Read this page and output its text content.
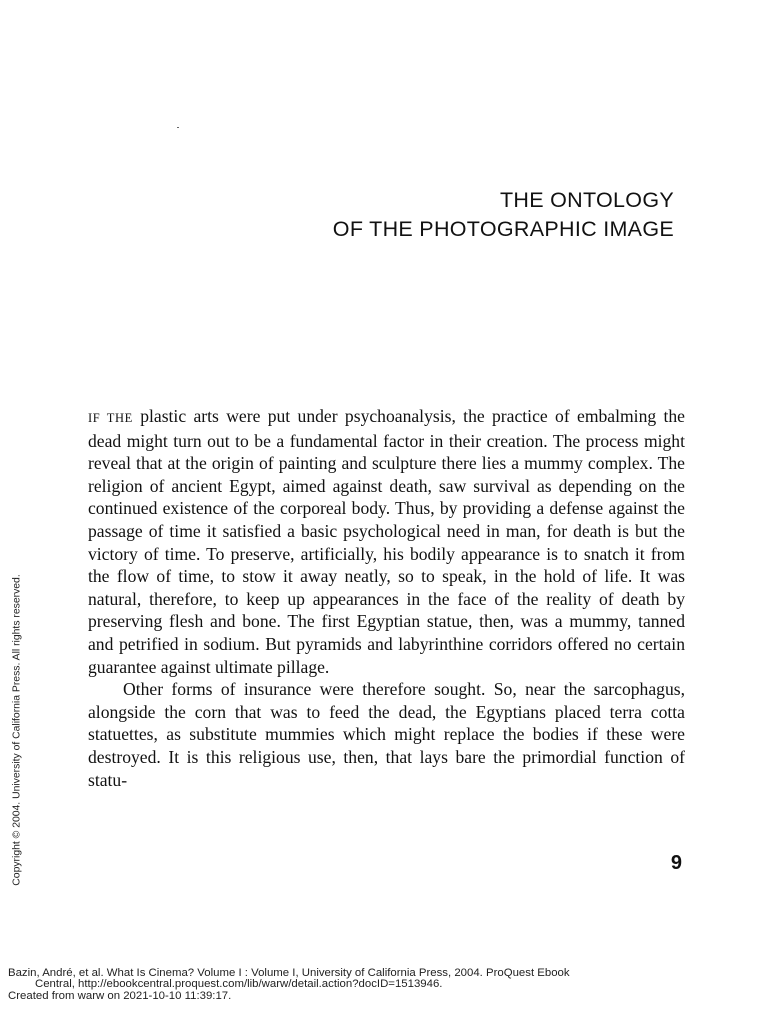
THE ONTOLOGY
OF THE PHOTOGRAPHIC IMAGE

IF THE plastic arts were put under psychoanalysis, the practice of embalming the dead might turn out to be a fundamental factor in their creation. The process might reveal that at the origin of painting and sculpture there lies a mummy complex. The religion of ancient Egypt, aimed against death, saw survival as depending on the continued existence of the corporeal body. Thus, by providing a defense against the passage of time it satisfied a basic psychological need in man, for death is but the victory of time. To preserve, artificially, his bodily appearance is to snatch it from the flow of time, to stow it away neatly, so to speak, in the hold of life. It was natural, therefore, to keep up appearances in the face of the reality of death by preserving flesh and bone. The first Egyptian statue, then, was a mummy, tanned and petrified in sodium. But pyramids and labyrinthine corridors offered no certain guarantee against ultimate pillage.

Other forms of insurance were therefore sought. So, near the sarcophagus, alongside the corn that was to feed the dead, the Egyptians placed terra cotta statuettes, as substitute mummies which might replace the bodies if these were destroyed. It is this religious use, then, that lays bare the primordial function of statu-

9
Copyright © 2004. University of California Press. All rights reserved.
Bazin, André, et al. What Is Cinema? Volume I : Volume I, University of California Press, 2004. ProQuest Ebook
Central, http://ebookcentral.proquest.com/lib/warw/detail.action?docID=1513946.
Created from warw on 2021-10-10 11:39:17.
